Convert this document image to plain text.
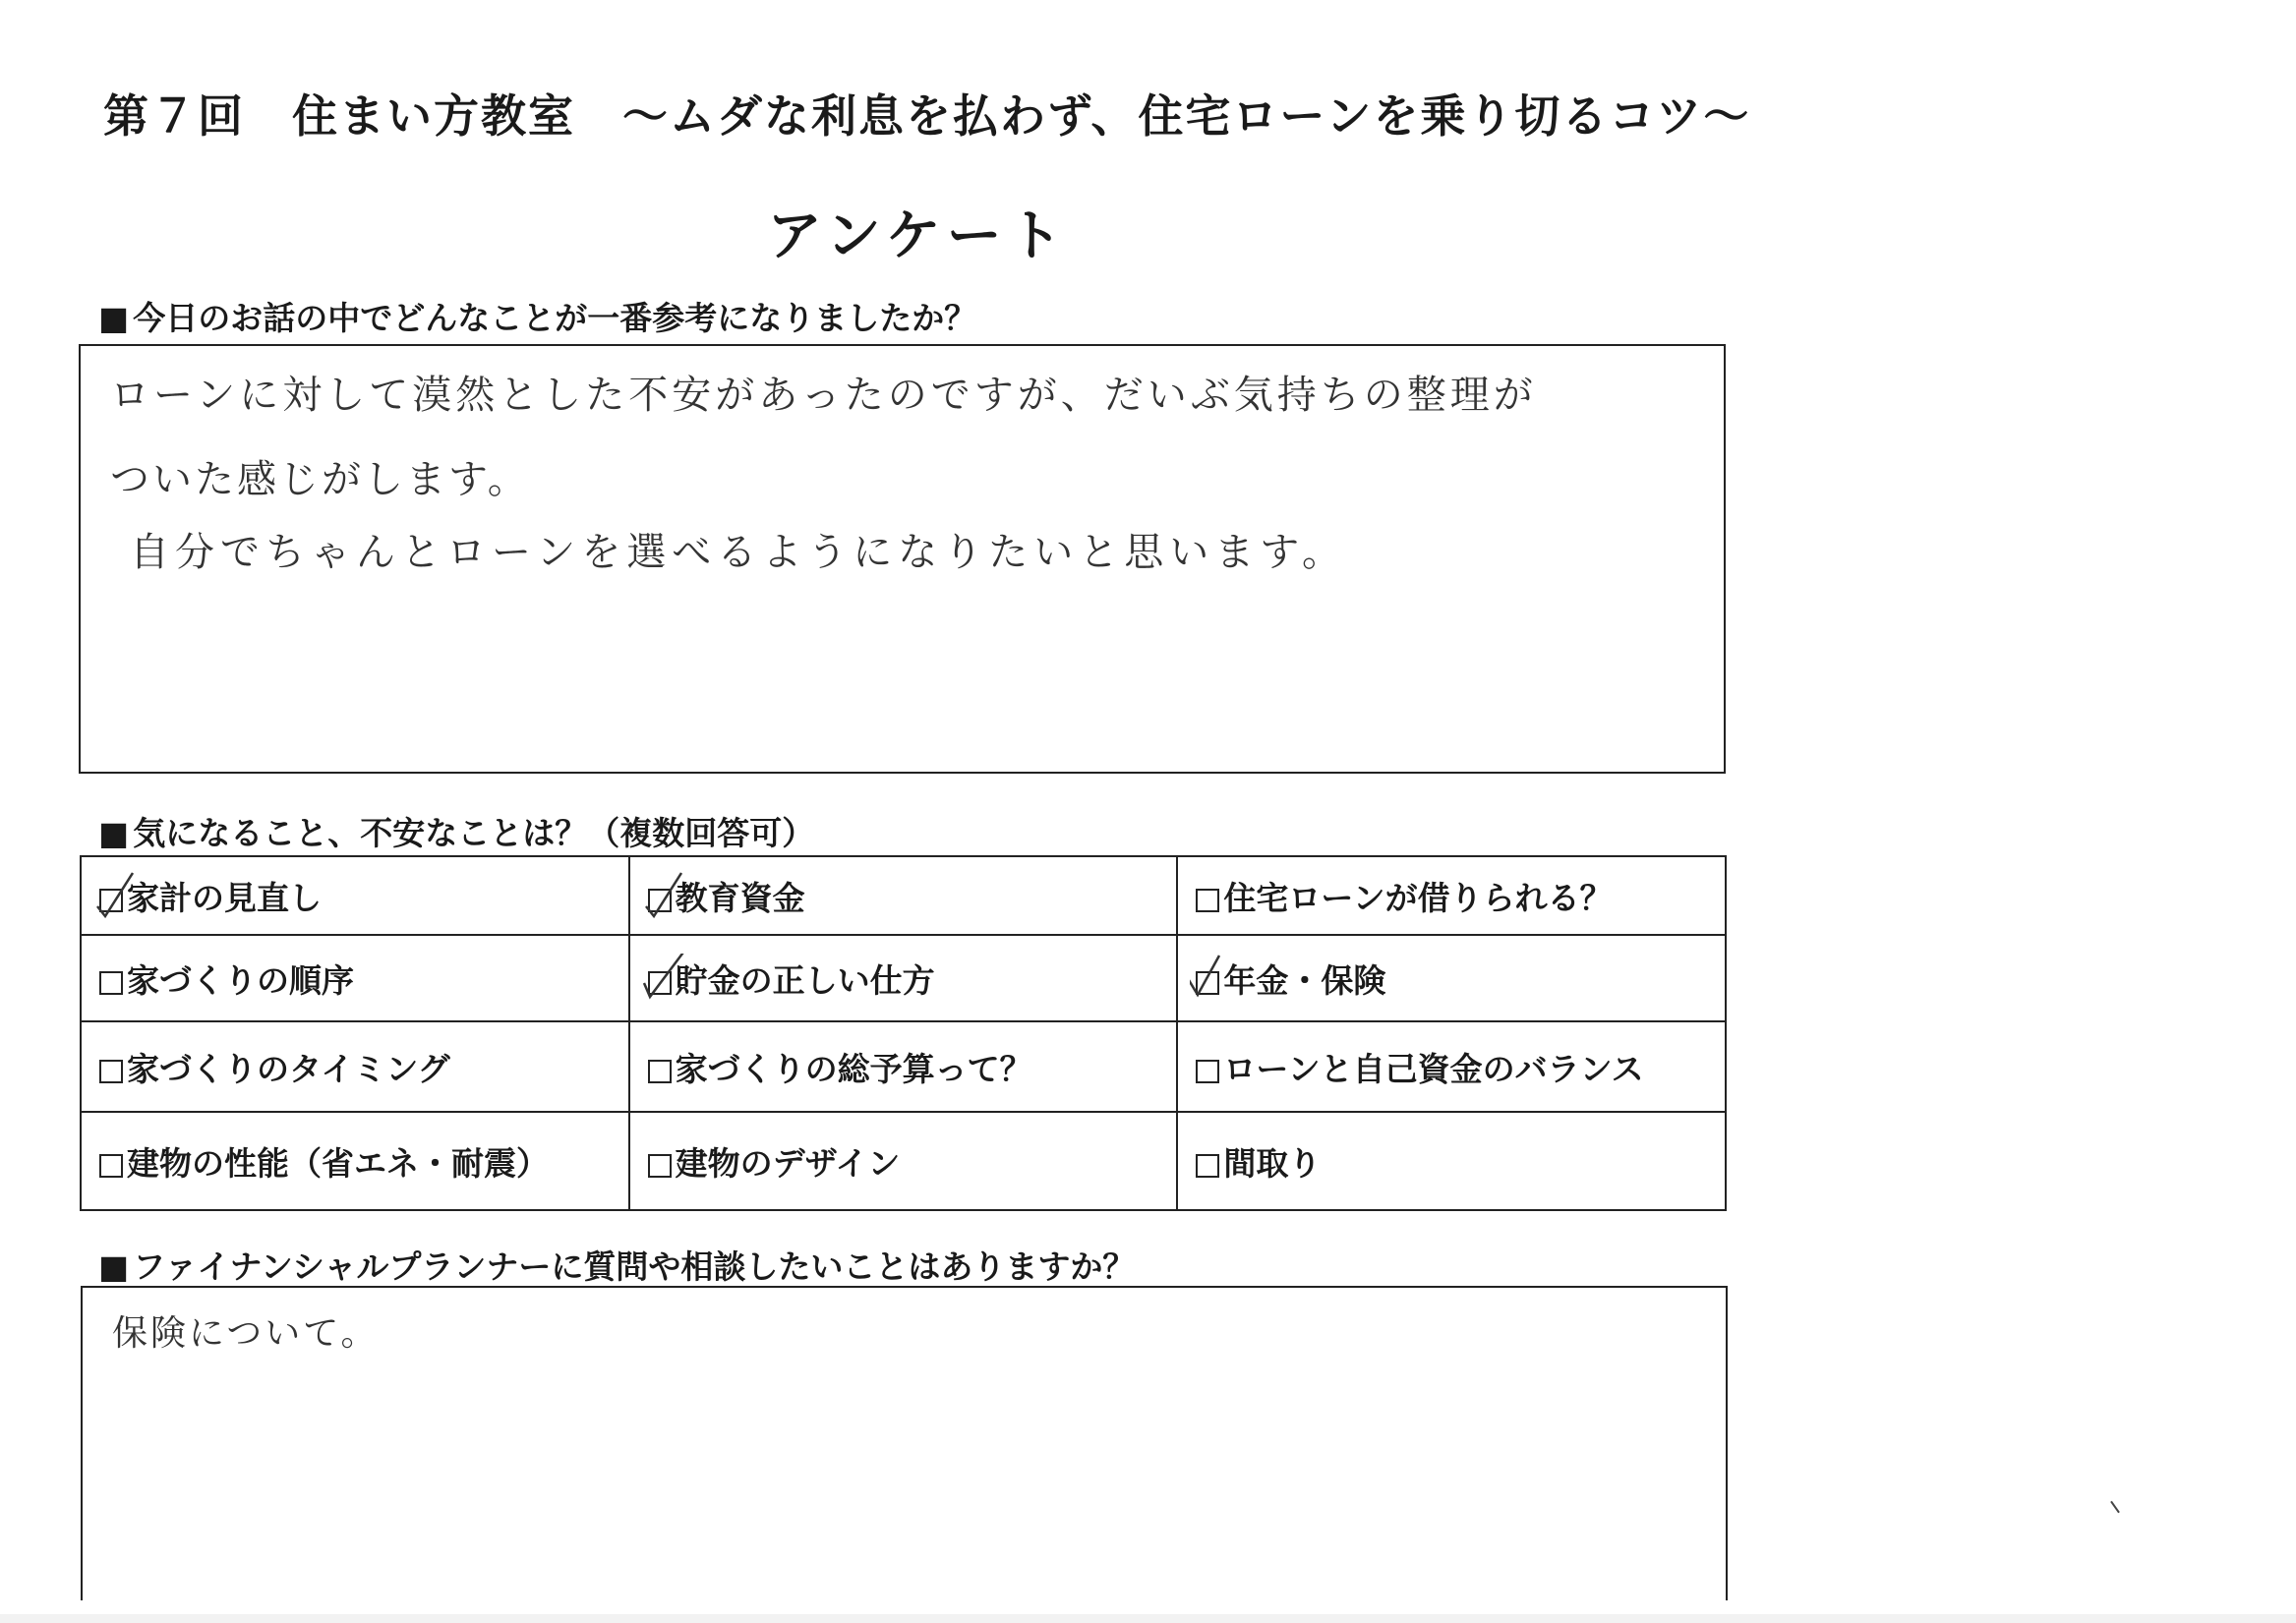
第７回　住まい方教室　～ムダな利息を払わず、住宅ローンを乗り切るコツ～
アンケート
■ 今日のお話の中でどんなことが一番参考になりましたか？
ローンに対して漠然とした不安があったのですが、だいぶ気持ちの整理が
ついた感じがします。
自分でちゃんとローンを選べるようになりたいと思います。
■ 気になること、不安なことは？（複数回答可）
家計の見直し	教育資金	住宅ローンが借りられる？
家づくりの順序	貯金の正しい仕方	年金・保険
家づくりのタイミング	家づくりの総予算って？	ローンと自己資金のバランス
建物の性能（省エネ・耐震）	建物のデザイン	間取り
■ ファイナンシャルプランナーに質問や相談したいことはありますか？
保険について。
